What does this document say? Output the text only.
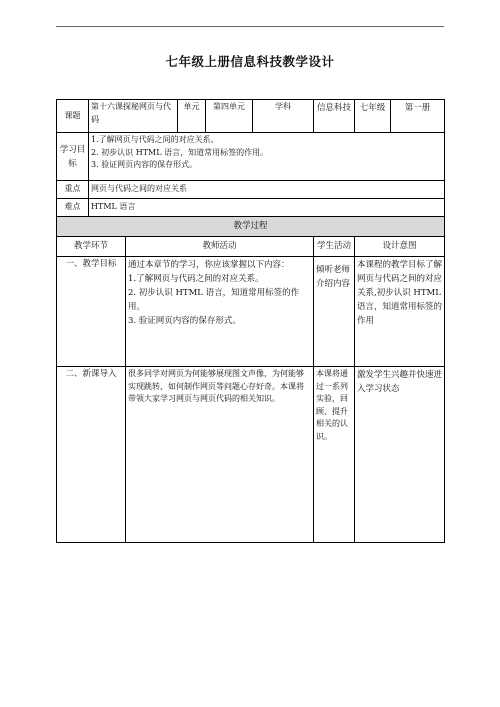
七年级上册信息科技教学设计
课题	第十六课探秘网页与代码		单元	第四单元	学科	信息科技	七年级	第一册
学习目标	1.了解网页与代码之间的对应关系。
2. 初步认识 HTML 语言，知道常用标签的作用。
3. 验证网页内容的保存形式。							

重点	网页与代码之间的对应关系							
难点	HTML 语言							
教学过程								
教学环节		教师活动				学生活动	设计意图	
一、教学目标		通过本章节的学习，你应该掌握以下内容：
1.了解网页与代码之间的对应关系。
2. 初步认识 HTML 语言，知道常用标签的作用。
3. 验证网页内容的保存形式。				倾听老师介绍内容	本课程的教学目标了解网页与代码之间的对应关系,初步认识 HTML 语言，知道常用标签的作用	
二、新课导入		很多同学对网页为何能够展现图文声像，为何能够实现跳转，如何制作网页等问题心存好奇。本课将带领大家学习网页与网页代码的相关知识。				本课将通过一系列实验，回顾、提升相关的认识。	激发学生兴趣并快速进入学习状态	
